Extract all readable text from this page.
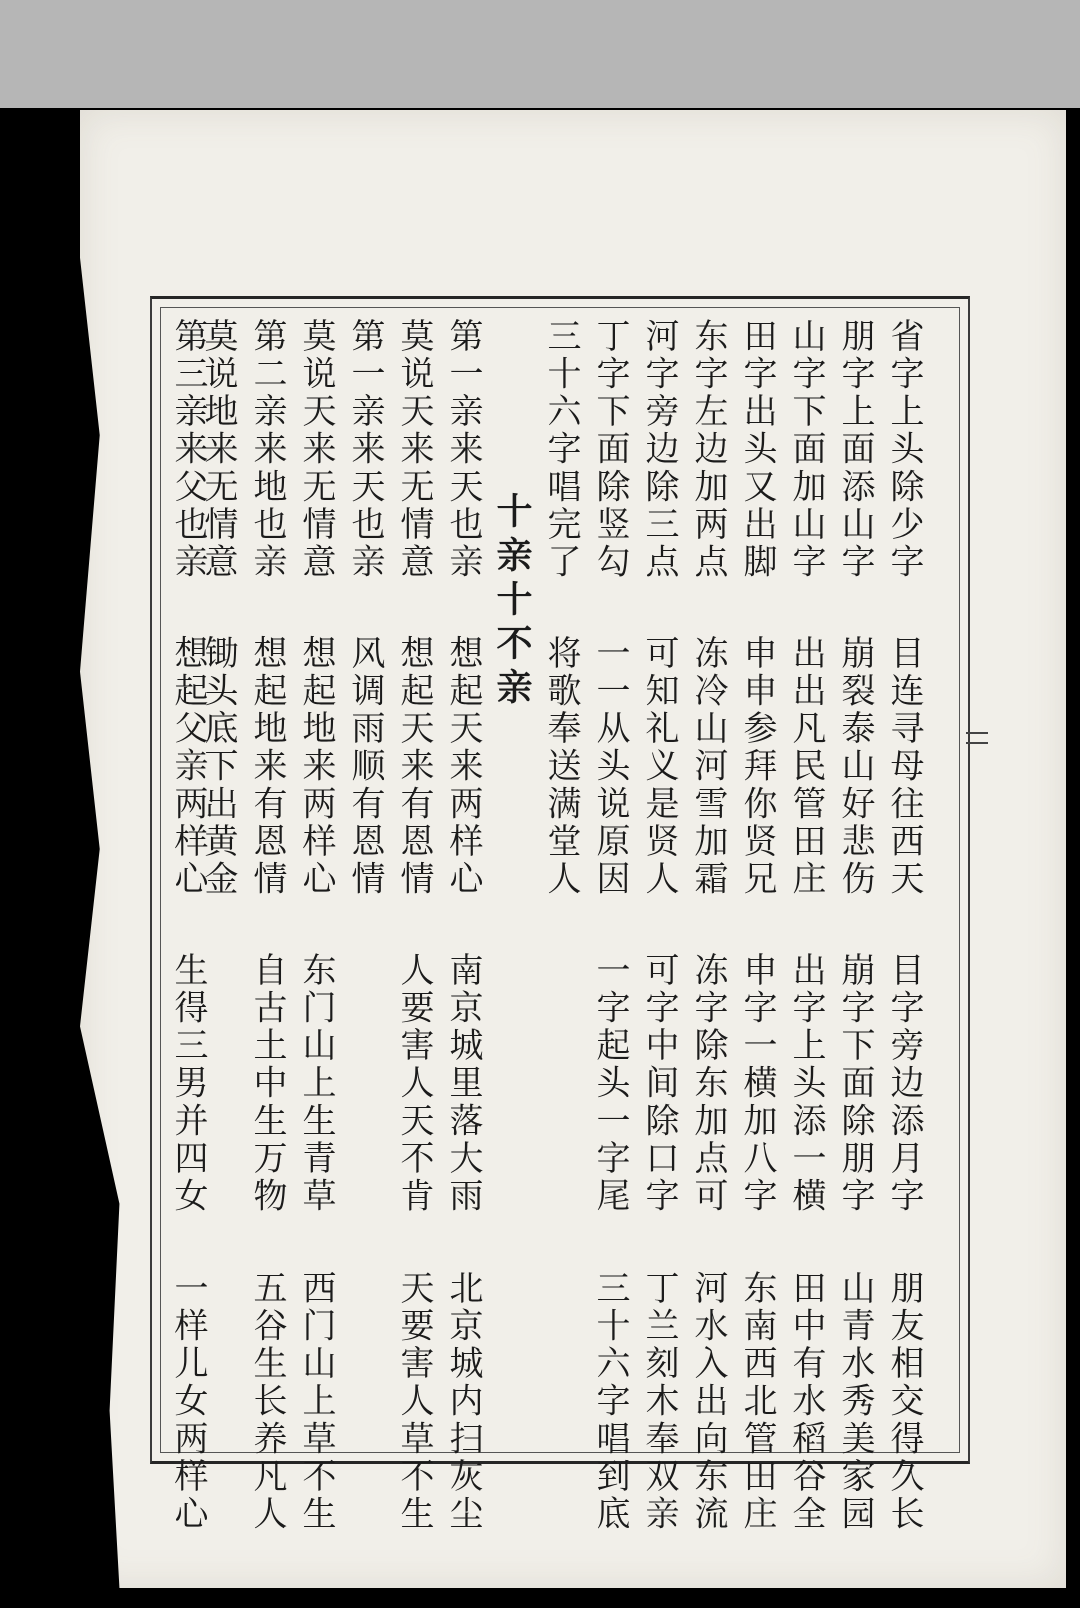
省字上头除少字目连寻母往西天目字旁边添月字朋友相交得久长
朋字上面添山字崩裂泰山好悲伤崩字下面除朋字山青水秀美家园
山字下面加山字出出凡民管田庄出字上头添一横田中有水稻谷全
田字出头又出脚申申参拜你贤兄申字一横加八字东南西北管田庄
东字左边加两点冻冷山河雪加霜冻字除东加点可河水入出向东流
河字旁边除三点可知礼义是贤人可字中间除口字丁兰刻木奉双亲
丁字下面除竖勾一一从头说原因一字起头一字尾三十六字唱到底
三十六字唱完了将歌奉送满堂人
十亲十不亲
第一亲来天也亲想起天来两样心南京城里落大雨北京城内扫灰尘
莫说天来无情意想起天来有恩情人要害人天不肯天要害人草不生
第一亲来天也亲风调雨顺有恩情
莫说天来无情意想起地来两样心东门山上生青草西门山上草不生
第二亲来地也亲想起地来有恩情自古土中生万物五谷生长养凡人
莫说地来无情意锄头底下出黄金
第三亲来父也亲想起父亲两样心生得三男并四女一样儿女两样心
